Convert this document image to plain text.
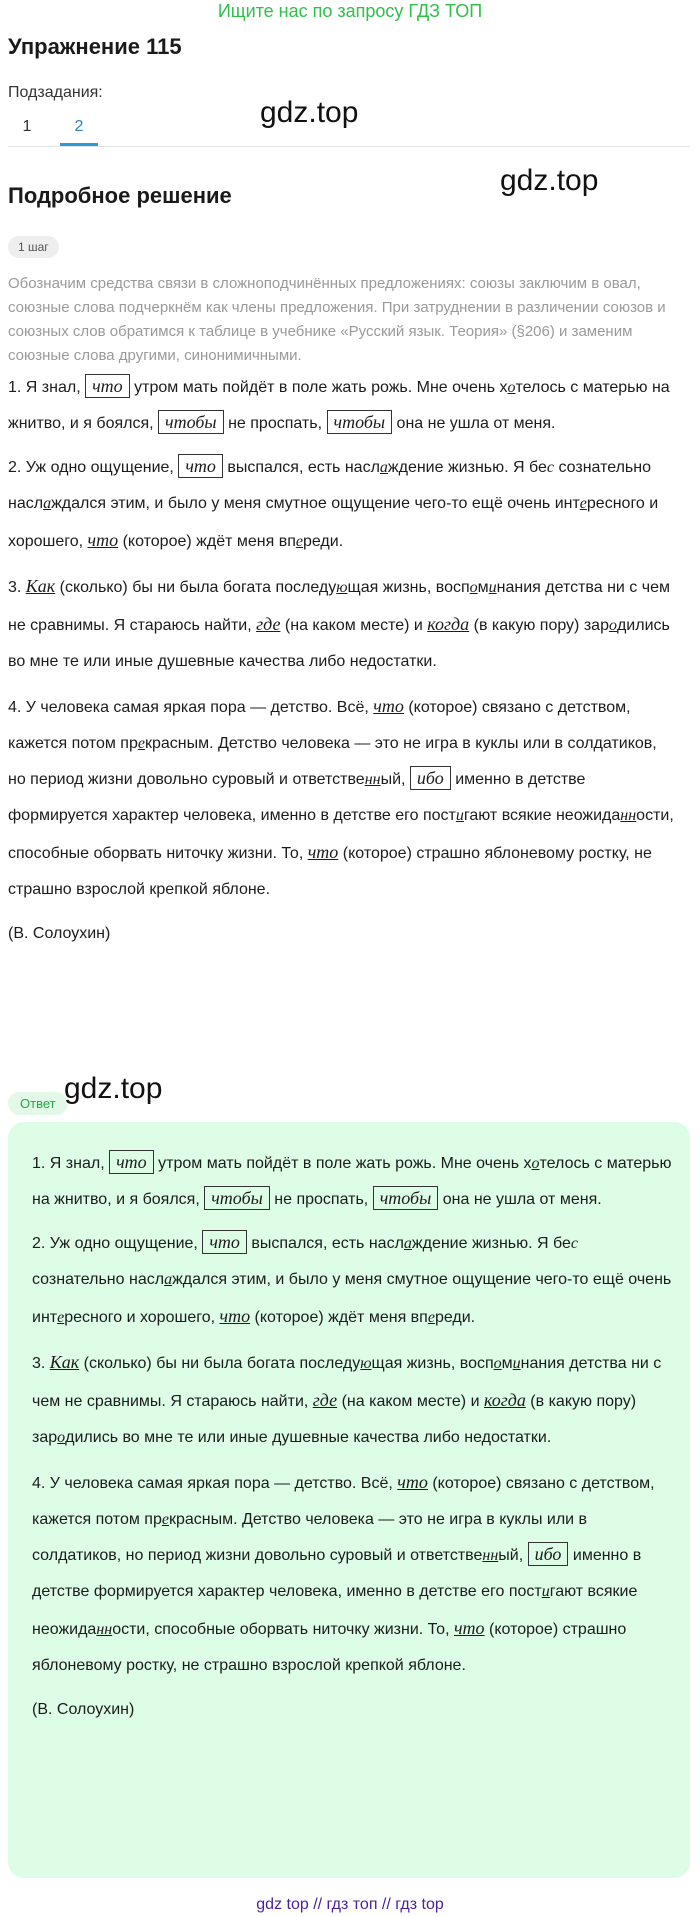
Ищите нас по запросу ГДЗ ТОП
Упражнение 115
Подзадания:
1	2
Подробное решение
1 шаг
Обозначим средства связи в сложноподчинённых предложениях: союзы заключим в овал, союзные слова подчеркнём как члены предложения. При затруднении в различении союзов и союзных слов обратимся к таблице в учебнике «Русский язык. Теория» (§206) и заменим союзные слова другими, синонимичными.
gdz.top
gdz.top

1. Я знал, что утром мать пойдёт в поле жать рожь. Мне очень хотелось с матерью на жнитво, и я боялся, чтобы не проспать, чтобы она не ушла от меня.

2. Уж одно ощущение, что выспался, есть наслаждение жизнью. Я бес сознательно наслаждался этим, и было у меня смутное ощущение чего-то ещё очень интересного и хорошего, что (которое) ждёт меня впереди.

3. Как (сколько) бы ни была богата последующая жизнь, воспоминания детства ни с чем не сравнимы. Я стараюсь найти, где (на каком месте) и когда (в какую пору) зародились во мне те или иные душевные качества либо недостатки.

4. У человека самая яркая пора — детство. Всё, что (которое) связано с детством, кажется потом прекрасным. Детство человека — это не игра в куклы или в солдатиков, но период жизни довольно суровый и ответственный, ибо именно в детстве формируется характер человека, именно в детстве его постигают всякие неожиданности, способные оборвать ниточку жизни. То, что (которое) страшно яблоневому ростку, не страшно взрослой крепкой яблоне.

(В. Солоухин)

Ответ gdz.top

1. Я знал, что утром мать пойдёт в поле жать рожь. Мне очень хотелось с матерью на жнитво, и я боялся, чтобы не проспать, чтобы она не ушла от меня.

2. Уж одно ощущение, что выспался, есть наслаждение жизнью. Я бес сознательно наслаждался этим, и было у меня смутное ощущение чего-то ещё очень интересного и хорошего, что (которое) ждёт меня впереди.

3. Как (сколько) бы ни была богата последующая жизнь, воспоминания детства ни с чем не сравнимы. Я стараюсь найти, где (на каком месте) и когда (в какую пору) зародились во мне те или иные душевные качества либо недостатки.

4. У человека самая яркая пора — детство. Всё, что (которое) связано с детством, кажется потом прекрасным. Детство человека — это не игра в куклы или в солдатиков, но период жизни довольно суровый и ответственный, ибо именно в детстве формируется характер человека, именно в детстве его постигают всякие неожиданности, способные оборвать ниточку жизни. То, что (которое) страшно яблоневому ростку, не страшно взрослой крепкой яблоне.

(В. Солоухин)

gdz top // гдз топ // гдз top
